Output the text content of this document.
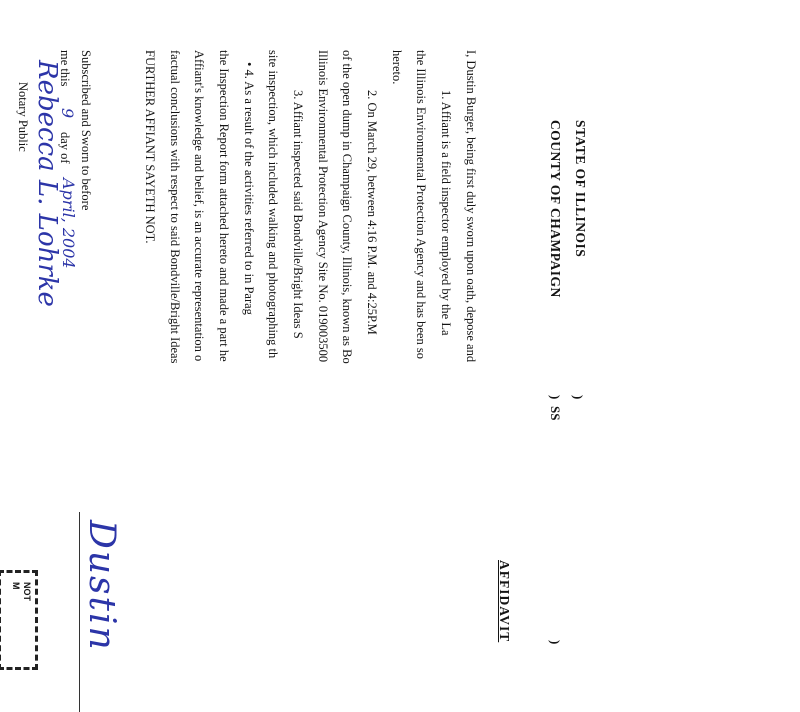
STATE OF ILLINOIS
COUNTY OF CHAMPAIGN
)
)
SS
)
AFFIDAVIT
I, Dustin Burger, being first duly sworn upon oath, depose and
1. Affiant is a field inspector employed by the La
the Illinois Environmental Protection Agency and has been so
hereto.
2. On March 29, between 4:16 P.M. and 4:25P.M
of the open dump in Champaign County, Illinois, known as Bo
Illinois Environmental Protection Agency Site No. 019003500
3. Affiant inspected said Bondville/Bright Ideas S
site inspection, which included walking and photographing th
• 4. As a result of the activities referred to in Parag
the Inspection Report form attached hereto and made a part he
Affiant's knowledge and belief, is an accurate representation o
factual conclusions with respect to said Bondville/Bright Ideas
FURTHER AFFIANT SAYETH NOT.
Dustin
Subscribed and Sworn to before
me this
9
day of
April, 2004
Rebecca L. Lohrke
Notary Public
NOT
M
